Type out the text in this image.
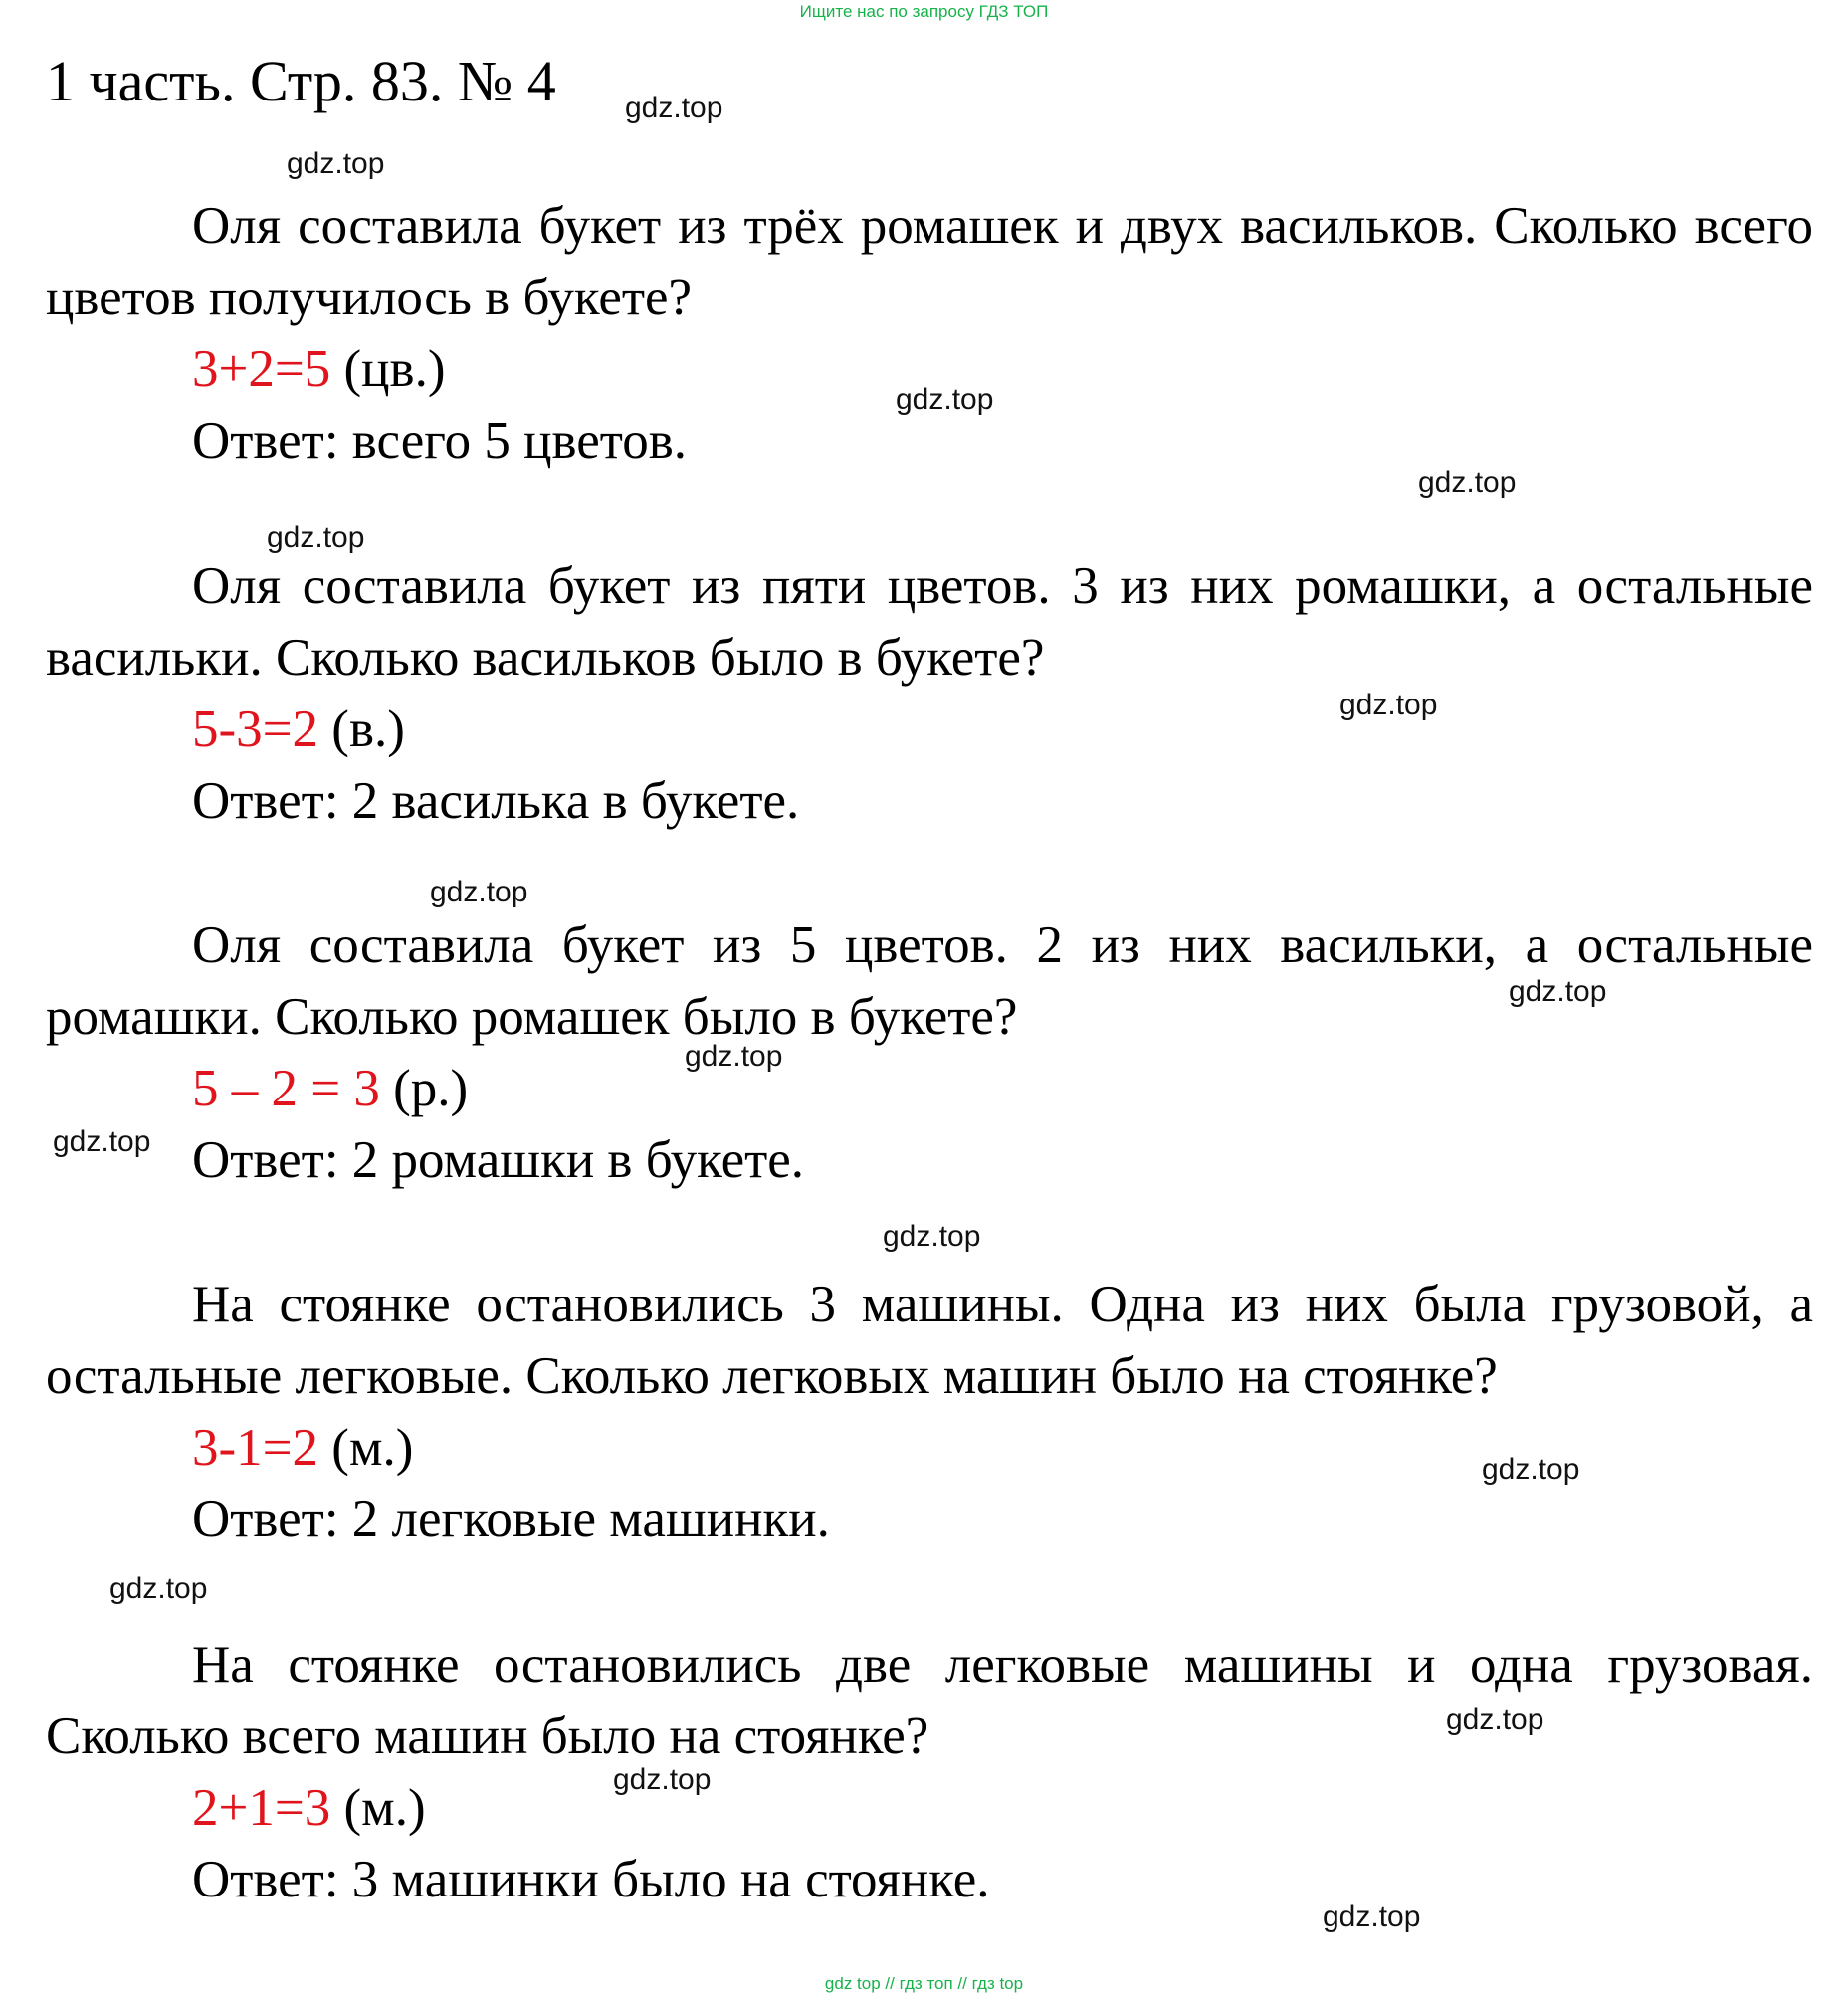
Ищите нас по запросу ГДЗ ТОП
1 часть. Стр. 83. № 4
Оля составила букет из трёх ромашек и двух васильков. Сколько всего цветов получилось в букете?
3+2=5 (цв.)
Ответ: всего 5 цветов.
Оля составила букет из пяти цветов. 3 из них ромашки, а остальные васильки. Сколько васильков было в букете?
5-3=2 (в.)
Ответ: 2 василька в букете.
Оля составила букет из 5 цветов. 2 из них васильки, а остальные ромашки. Сколько ромашек было в букете?
5 – 2 = 3 (р.)
Ответ: 2 ромашки в букете.
На стоянке остановились 3 машины. Одна из них была грузовой, а остальные легковые. Сколько легковых машин было на стоянке?
3-1=2 (м.)
Ответ: 2 легковые машинки.
На стоянке остановились две легковые машины и одна грузовая. Сколько всего машин было на стоянке?
2+1=3 (м.)
Ответ: 3 машинки было на стоянке.
gdz.top
gdz.top
gdz.top
gdz.top
gdz.top
gdz.top
gdz.top
gdz.top
gdz.top
gdz.top
gdz.top
gdz.top
gdz.top
gdz.top
gdz.top
gdz.top
gdz top // гдз топ // гдз top
